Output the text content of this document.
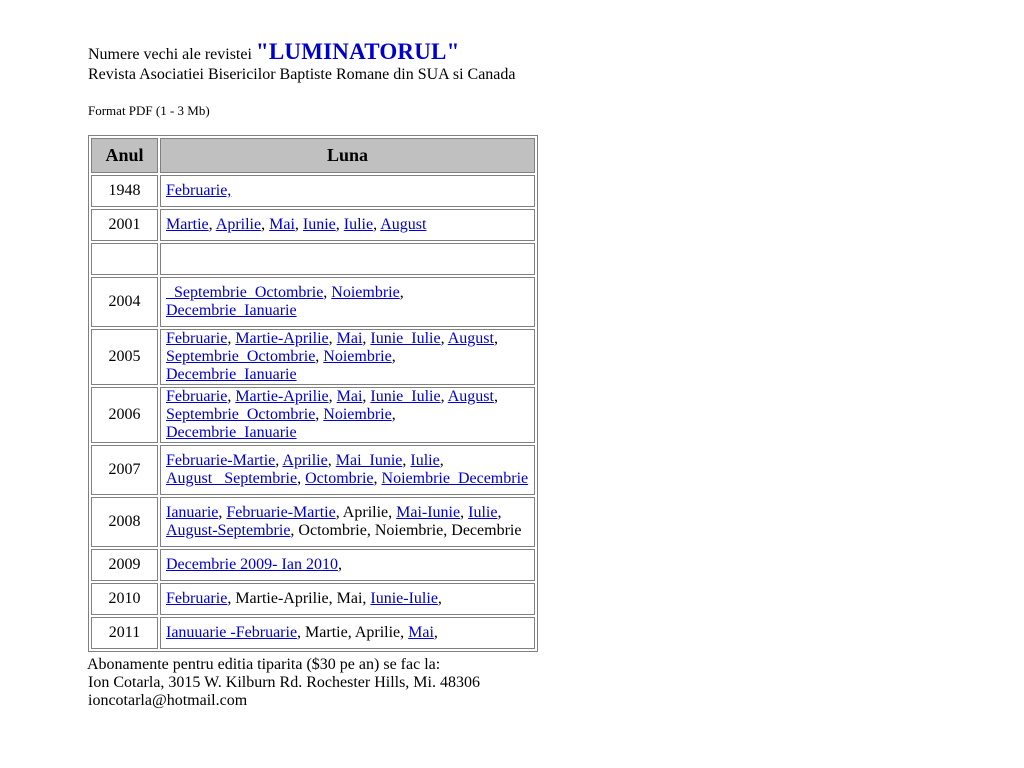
Numere vechi ale revistei "LUMINATORUL"
Revista Asociatiei Bisericilor Baptiste Romane din SUA si Canada
Format PDF (1 - 3 Mb)
Anul	Luna
1948	Februarie,
2001	Martie, Aprilie, Mai, Iunie, Iulie, August

2004	Septembrie_Octombrie, Noiembrie,
Decembrie_Ianuarie
2005	Februarie, Martie-Aprilie, Mai, Iunie_Iulie, August,
Septembrie_Octombrie, Noiembrie, Decembrie_Ianuarie
2006	Februarie, Martie-Aprilie, Mai, Iunie_Iulie, August,
Septembrie_Octombrie, Noiembrie, Decembrie_Ianuarie
2007	Februarie-Martie, Aprilie, Mai_Iunie, Iulie,
August _Septembrie, Octombrie, Noiembrie_Decembrie
2008	Ianuarie, Februarie-Martie, Aprilie, Mai-Iunie, Iulie,
August-Septembrie, Octombrie, Noiembrie, Decembrie
2009	Decembrie 2009- Ian 2010,
2010	Februarie, Martie-Aprilie, Mai, Iunie-Iulie,
2011	Ianuuarie -Februarie, Martie, Aprilie, Mai,
Abonamente pentru editia tiparita ($30 pe an) se fac la:
Ion Cotarla, 3015 W. Kilburn Rd. Rochester Hills, Mi. 48306
ioncotarla@hotmail.com
